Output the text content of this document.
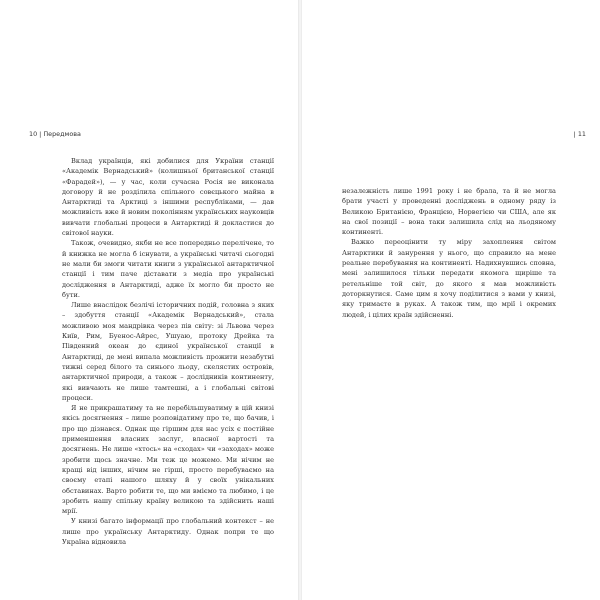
10 | Передмова

Вклад українців, які добилися для України станції «Академік Вернадський» (колишньої британської станції «Фарадей»), — у час, коли сучасна Росія не виконала договору й не розділила спільного совєцького майна в Антарктиді та Арктиці з іншими республіками, — дав можливість вже й новим поколінням українських науковців вивчати глобальні процеси в Антарктиді й докластися до світової науки.

Також, очевидно, якби не все попередньо перелічене, то й книжка не могла б існувати, а українські читачі сьогодні не мали би змоги читати книги з української антарктичної станції і тим паче діставати з медіа про українські дослідження в Антарктиді, адже їх могло би просто не бути.

Лише внаслідок безлічі історичних подій, головна з яких – здобуття станції «Академік Вернадський», стала можливою моя мандрівка через пів світу: зі Львова через Київ, Рим, Буенос-Айрес, Ушуаю, протоку Дрейка та Південний океан до єдиної української станції в Антарктиді, де мені випала можливість прожити незабутні тижні серед білого та синього льоду, скелястих островів, антарктичної природи, а також – дослідників континенту, які вивчають не лише тамтешні, а і глобальні світові процеси.

Я не прикрашатиму та не перебільшуватиму в цій книзі якісь досягнення – лише розповідатиму про те, що бачив, і про що дізнався. Однак ще гіршим для нас усіх є постійне применшення власних заслуг, власної вартості та досягнень. Не лише «хтось» на «сходах» чи «заходах» може зробити щось значне. Ми теж це можемо. Ми нічим не кращі від інших, нічим не гірші, просто перебуваємо на своєму етапі нашого шляху й у своїх унікальних обставинах. Варто робити те, що ми вміємо та любимо, і це зробить нашу спільну країну великою та здійснить наші мрії.

У книзі багато інформації про глобальний контекст – не лише про українську Антарктиду. Однак попри те що Україна відновила

| 11

незалежність лише 1991 року і не брала, та й не могла брати участі у проведенні досліджень в одному ряду із Великою Британією, Францією, Норвегією чи США, але як на свої позиції – вона таки залишила слід на льодяному континенті.

Важко переоцінити ту міру захоплення світом Антарктики й занурення у нього, що справило на мене реальне перебування на континенті. Надихнувшись сповна, мені залишилося тільки передати якомога щиріше та ретельніше той світ, до якого я мав можливість доторкнутися. Саме цим я хочу поділитися з вами у книзі, яку тримаєте в руках. А також тим, що мрії і окремих людей, і цілих країн здійсненні.
